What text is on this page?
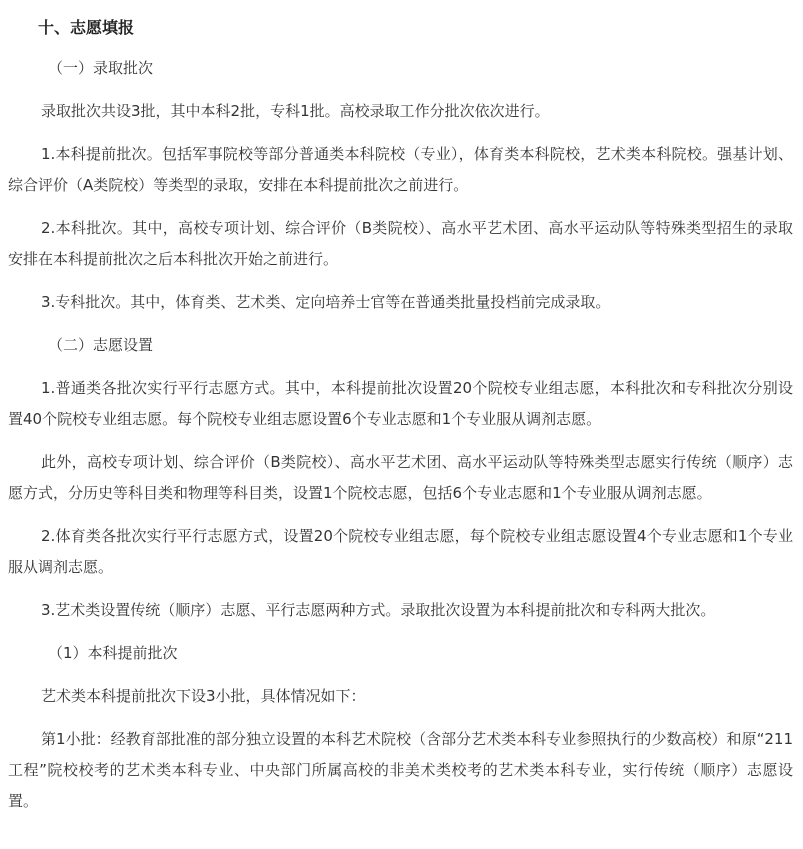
十、志愿填报

（一）录取批次

录取批次共设3批，其中本科2批，专科1批。高校录取工作分批次依次进行。

1.本科提前批次。包括军事院校等部分普通类本科院校（专业），体育类本科院校，艺术类本科院校。强基计划、综合评价（A类院校）等类型的录取，安排在本科提前批次之前进行。

2.本科批次。其中，高校专项计划、综合评价（B类院校）、高水平艺术团、高水平运动队等特殊类型招生的录取安排在本科提前批次之后本科批次开始之前进行。

3.专科批次。其中，体育类、艺术类、定向培养士官等在普通类批量投档前完成录取。

（二）志愿设置

1.普通类各批次实行平行志愿方式。其中，本科提前批次设置20个院校专业组志愿，本科批次和专科批次分别设置40个院校专业组志愿。每个院校专业组志愿设置6个专业志愿和1个专业服从调剂志愿。

此外，高校专项计划、综合评价（B类院校）、高水平艺术团、高水平运动队等特殊类型志愿实行传统（顺序）志愿方式，分历史等科目类和物理等科目类，设置1个院校志愿，包括6个专业志愿和1个专业服从调剂志愿。

2.体育类各批次实行平行志愿方式，设置20个院校专业组志愿，每个院校专业组志愿设置4个专业志愿和1个专业服从调剂志愿。

3.艺术类设置传统（顺序）志愿、平行志愿两种方式。录取批次设置为本科提前批次和专科两大批次。

（1）本科提前批次

艺术类本科提前批次下设3小批，具体情况如下：

第1小批：经教育部批准的部分独立设置的本科艺术院校（含部分艺术类本科专业参照执行的少数高校）和原“211工程”院校校考的艺术类本科专业、中央部门所属高校的非美术类校考的艺术类本科专业，实行传统（顺序）志愿设置。
